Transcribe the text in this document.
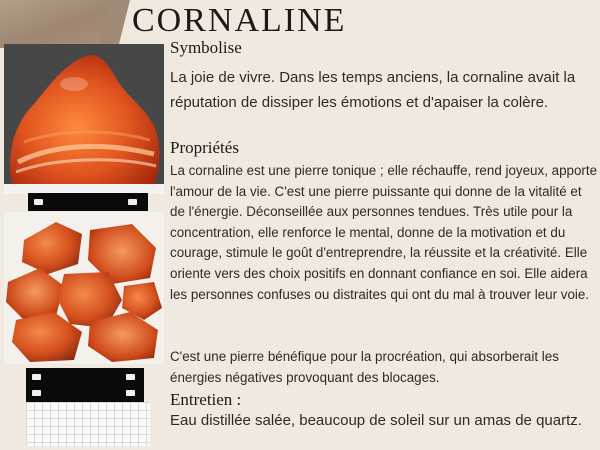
CORNALINE
Symbolise

La joie de vivre. Dans les temps anciens, la cornaline avait la réputation de dissiper les émotions et d'apaiser la colère.

Propriétés

La cornaline est une pierre tonique ; elle réchauffe, rend joyeux, apporte l'amour de la vie. C'est une pierre puissante qui donne de la vitalité et de l'énergie. Déconseillée aux personnes tendues. Très utile pour la concentration, elle renforce le mental, donne de la motivation et du courage, stimule le goût d'entreprendre, la réussite et la créativité. Elle oriente vers des choix positifs en donnant confiance en soi. Elle aidera les personnes confuses ou distraites qui ont du mal à trouver leur voie.

C'est une pierre bénéfique pour la procréation, qui absorberait les énergies négatives provoquant des blocages.

Entretien :

Eau distillée salée, beaucoup de soleil sur un amas de quartz.
